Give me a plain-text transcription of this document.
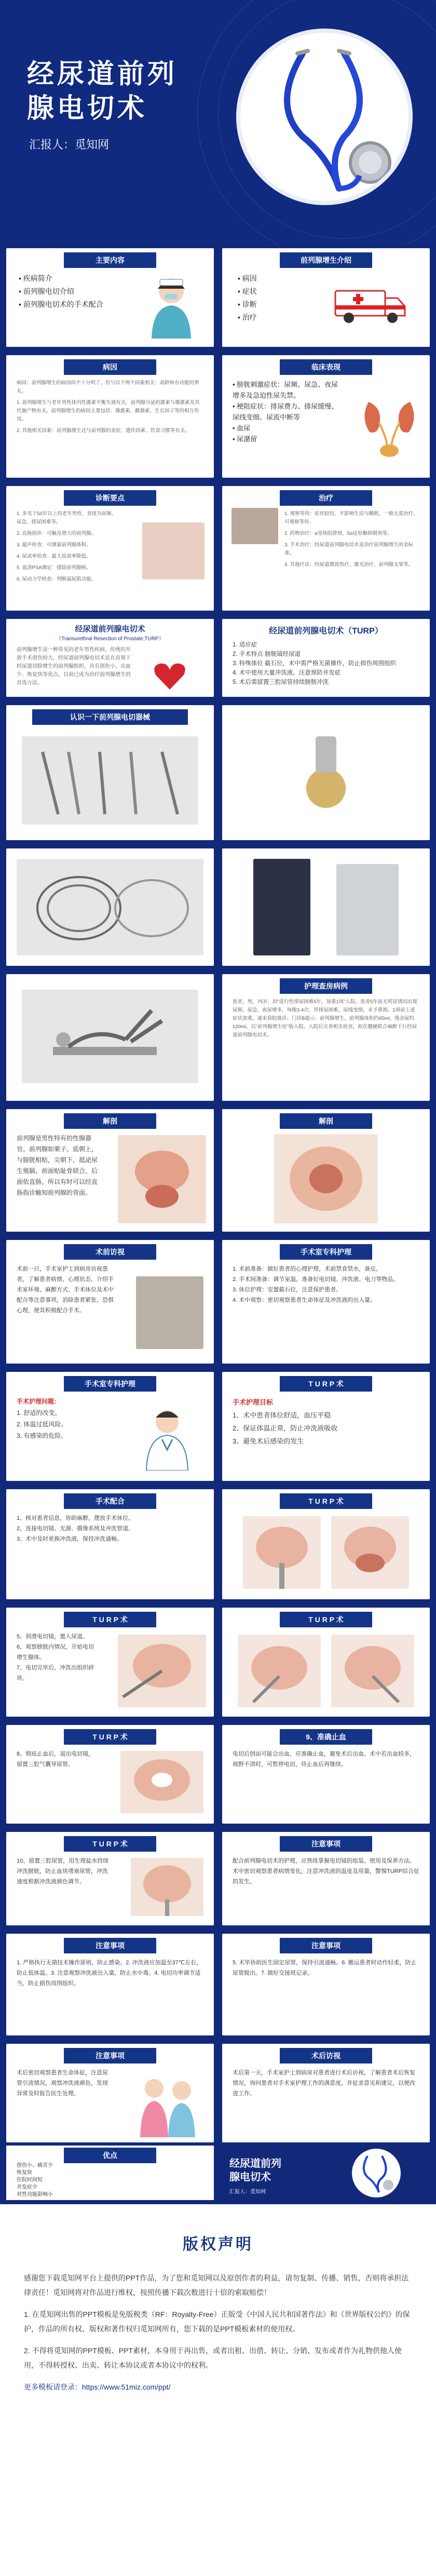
经尿道前列
腺电切术
汇报人：觅知网
主要内容
• 疾病简介
• 前列腺电切介绍
• 前列腺电切术的手术配合
前列腺增生介绍
• 病因
• 症状
• 诊断
• 治疗
病因

病因：前列腺增生的病因尚不十分明了，但与以下两个因素相关：高龄和有功能的睾丸。

1. 前列腺增生与老年男性体内性激素平衡失调有关，前列腺分泌的激素与雄激素及其代谢产物有关。前列腺增生的病因主要包括：雄激素、雌激素、生长因子等的相互作用。

2. 其他相关因素：前列腺增生还与前列腺的炎症、遗传因素、饮食习惯等有关。

临床表现
• 膀胱刺激症状：尿频、尿急、夜尿增多及急迫性尿失禁。
• 梗阻症状：排尿费力、排尿缓慢、尿线变细、尿流中断等
• 血尿
• 尿潴留
诊断要点

1. 多见于50岁以上的老年男性，表现为尿频、尿急、排尿困难等。

2. 直肠指诊：可触及增大的前列腺。

3. 超声检查：可测量前列腺体积。

4. 尿流率检查：最大尿流率降低。

5. 血清PSA测定：排除前列腺癌。

6. 尿动力学检查：判断逼尿肌功能。

治疗

1. 观察等待：症状较轻，不影响生活与睡眠，一般无需治疗，可观察等待。

2. 药物治疗：α受体阻滞剂、5α还原酶抑制剂等。

3. 手术治疗：经尿道前列腺电切术是治疗前列腺增生的金标准。

4. 其他疗法：经尿道微波热疗、激光治疗、前列腺支架等。

经尿道前列腺电切术
（Transurethral Resection of Prostate,TURP）
前列腺增生是一种常见的老年男性疾病，传统的开放手术创伤较大，经尿道前列腺电切术是在直视下经尿道切除增生的前列腺组织，具有创伤小、出血少、恢复快等优点，目前已成为治疗前列腺增生的首选方法。
经尿道前列腺电切术（TURP）
1. 适应症
2. 手术特点 膀胱镜经尿道
3. 特殊体位 截石位，术中需严格无菌操作，防止损伤周围组织
4. 术中使用大量冲洗液，注意预防并发症
5. 术后需留置三腔尿管持续膀胱冲洗
认识一下前列腺电切器械
护理查房病例
患者，男，75岁，因“进行性排尿困难5年，加重1周”入院。患者5年前无明显诱因出现尿频、尿急、夜尿增多，每晚3-4次，伴排尿困难、尿线变细，未予重视。1周前上述症状加重，遂来我院就诊。门诊B超示：前列腺增生，前列腺体积约65ml，残余尿约120ml。以“前列腺增生症”收入院。入院后完善相关检查，拟在腰硬联合麻醉下行经尿道前列腺电切术。
解剖
前列腺是男性特有的性腺器官。前列腺如栗子，底朝上，与膀胱相贴，尖朝下，抵泌尿生殖膈，前面贴耻骨联合，后面依直肠，所以有时可以经直肠指诊触知前列腺的背面。
解剖
术前访视
术前一日，手术室护士到病房访视患者，了解患者病情、心理状态，介绍手术室环境、麻醉方式、手术体位及术中配合等注意事项，消除患者紧张、恐惧心理，使其积极配合手术。
手术室专科护理
1. 术前准备：做好患者的心理护理，术前禁食禁水，备皮。
2. 手术间准备：调节室温，准备好电切镜、冲洗液、电刀等物品。
3. 体位护理：安置截石位，注意保护患者。
4. 术中观察：密切观察患者生命体征及冲洗液的出入量。
手术室专科护理
手术护理问题：
1. 舒适的改变。
2. 体温过低风险。
3. 有感染的危险。
T U R P 术
手术护理目标
1、术中患者体位舒适，血压平稳
2、保证体温正常，防止冲洗液吸收
3、避免术后感染的发生
手术配合
1、核对患者信息，协助麻醉，摆放手术体位。
2、连接电切镜、光源、摄像系统及冲洗管道。
3、术中及时更换冲洗液，保持冲洗通畅。
T U R P 术
T U R P 术
5、润滑电切镜，置入尿道。
6、观察膀胱内情况，开始电切增生腺体。
7、电切完毕后，冲洗出组织碎块。
T U R P 术
T U R P 术
8、彻底止血后，退出电切镜，留置三腔气囊导尿管。
9、准确止血
电切后创面可能会出血，应准确止血，避免术后出血。术中若出血较多，视野不清时，可暂停电切，待止血后再继续。
T U R P 术
10、留置三腔尿管，用生理盐水持续冲洗膀胱，防止血块堵塞尿管，冲洗速度根据冲洗液颜色调节。
注意事项
配合前列腺电切术的护理，应熟练掌握电切镜的组装、使用及保养方法。术中密切观察患者病情变化，注意冲洗液的温度及用量，警惕TURP综合征的发生。
注意事项
1. 严格执行无菌技术操作原则，防止感染。2. 冲洗液应加温至37℃左右，防止低体温。3. 注意观察冲洗液出入量，防止水中毒。4. 电切功率调节适当，防止损伤周围组织。
注意事项
5. 术毕协助医生固定尿管，保持引流通畅。6. 搬运患者时动作轻柔，防止尿管脱出。7. 做好交接班记录。
注意事项
术后密切观察患者生命体征，注意尿管引流情况，观察冲洗液颜色，发现异常及时报告医生处理。
术后访视
术后第一天，手术室护士到病房对患者进行术后访视，了解患者术后恢复情况，询问患者对手术室护理工作的满意度，并征求意见和建议，以便改进工作。
版权声明

感谢您下载觅知网平台上提供的PPT作品，为了您和觅知网以及原创作者的利益，请勿复制、传播、销售，否则将承担法律责任！觅知网将对作品进行维权，按照传播下载次数进行十倍的索取赔偿！

1. 在觅知网出售的PPT模板是免版税类（RF：Royalty-Free）正版受《中国人民共和国著作法》和《世界版权公约》的保护，作品的所有权、版权和著作权归觅知网所有，您下载的是PPT模板素材的使用权。

2. 不得将觅知网的PPT模板、PPT素材，本身用于再出售，或者出租、出借、转让、分销、发布或者作为礼物供他人使用，不得转授权、出卖、转让本协议或者本协议中的权利。

更多模板请登录：https://www.51miz.com/ppt/

优点
创伤小、痛苦少
恢复快
住院时间短
并发症少
对性功能影响小
经尿道前列
腺电切术
汇报人：觅知网
